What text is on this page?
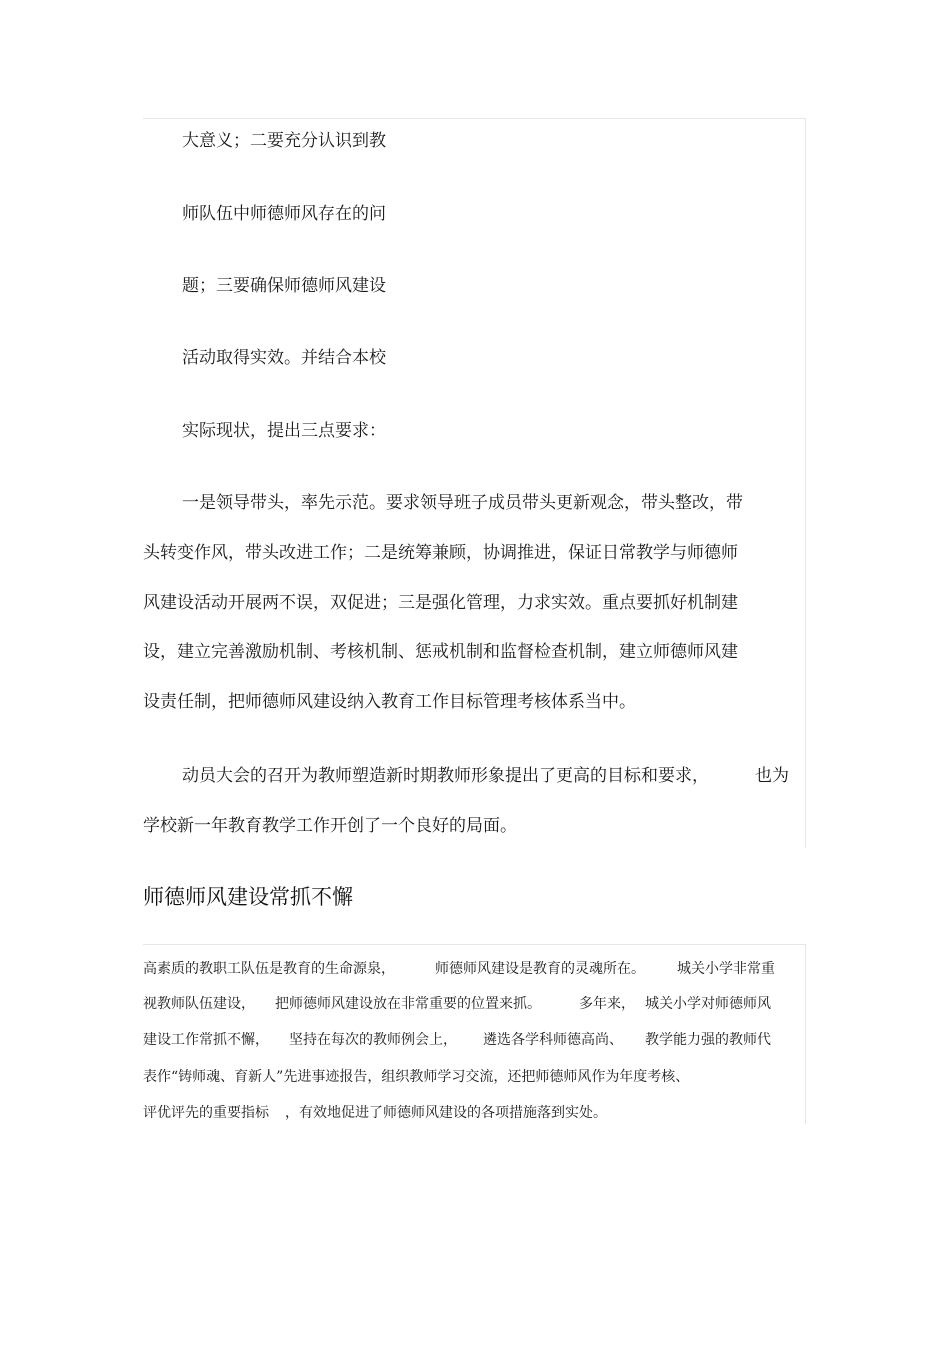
大意义；二要充分认识到教
师队伍中师德师风存在的问
题；三要确保师德师风建设
活动取得实效。并结合本校
实际现状，提出三点要求：
一是领导带头，率先示范。要求领导班子成员带头更新观念，带头整改，带
头转变作风，带头改进工作；二是统筹兼顾，协调推进，保证日常教学与师德师
风建设活动开展两不误，双促进；三是强化管理，力求实效。重点要抓好机制建
设，建立完善激励机制、考核机制、惩戒机制和监督检查机制，建立师德师风建
设责任制，把师德师风建设纳入教育工作目标管理考核体系当中。
动员大会的召开为教师塑造新时期教师形象提出了更高的目标和要求，	也为
学校新一年教育教学工作开创了一个良好的局面。
师德师风建设常抓不懈
高素质的教职工队伍是教育的生命源泉，	师德师风建设是教育的灵魂所在。 城关小学非常重
视教师队伍建设， 把师德师风建设放在非常重要的位置来抓。	多年来， 城关小学对师德师风
建设工作常抓不懈， 坚持在每次的教师例会上， 遴选各学科师德高尚、 教学能力强的教师代
表作“铸师魂、育新人”先进事迹报告，组织教师学习交流，还把师德师风作为年度考核、
评优评先的重要指标 ，有效地促进了师德师风建设的各项措施落到实处。
